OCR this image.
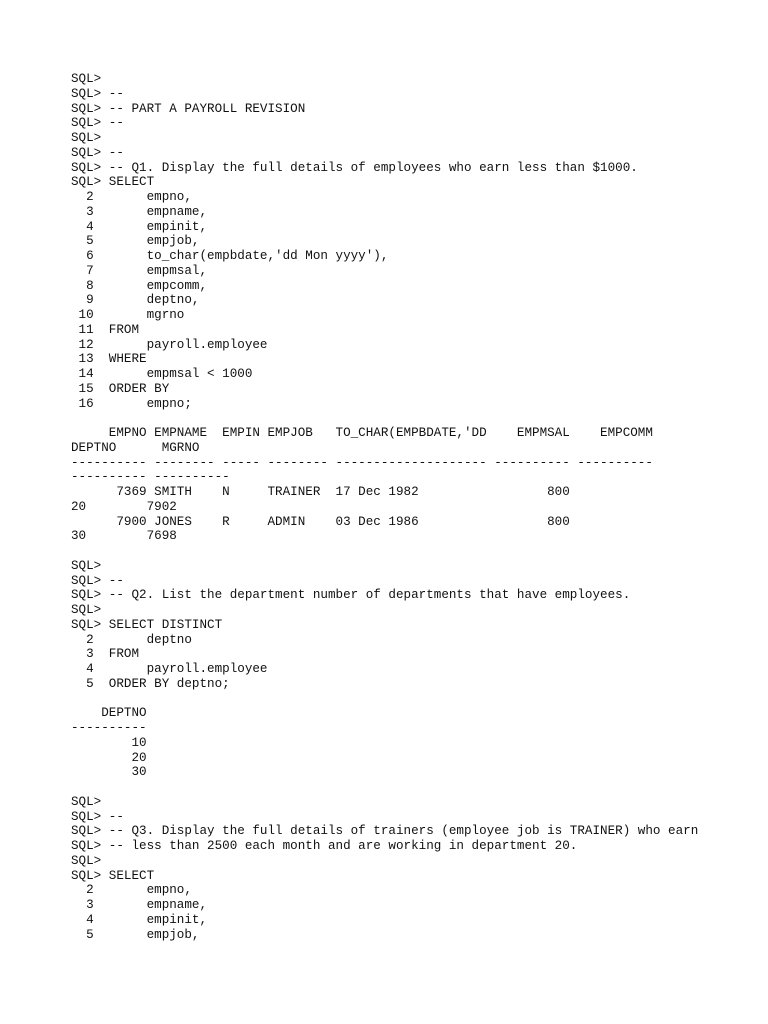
SQL>
SQL> --
SQL> -- PART A PAYROLL REVISION
SQL> --
SQL>
SQL> --
SQL> -- Q1. Display the full details of employees who earn less than $1000.
SQL> SELECT
2       empno,
3       empname,
4       empinit,
5       empjob,
6       to_char(empbdate,'dd Mon yyyy'),
7       empmsal,
8       empcomm,
9       deptno,
10       mgrno
11  FROM
12       payroll.employee
13  WHERE
14       empmsal < 1000
15  ORDER BY
16       empno;
EMPNO EMPNAME  EMPIN EMPJOB   TO_CHAR(EMPBDATE,'DD    EMPMSAL    EMPCOMM
DEPTNO      MGRNO
---------- -------- ----- -------- -------------------- ---------- ----------
---------- ----------
7369 SMITH    N     TRAINER  17 Dec 1982                 800
20        7902
7900 JONES    R     ADMIN    03 Dec 1986                 800
30        7698
SQL>
SQL> --
SQL> -- Q2. List the department number of departments that have employees.
SQL>
SQL> SELECT DISTINCT
2       deptno
3  FROM
4       payroll.employee
5  ORDER BY deptno;
DEPTNO
----------
10
20
30
SQL>
SQL> --
SQL> -- Q3. Display the full details of trainers (employee job is TRAINER) who earn
SQL> -- less than 2500 each month and are working in department 20.
SQL>
SQL> SELECT
2       empno,
3       empname,
4       empinit,
5       empjob,
